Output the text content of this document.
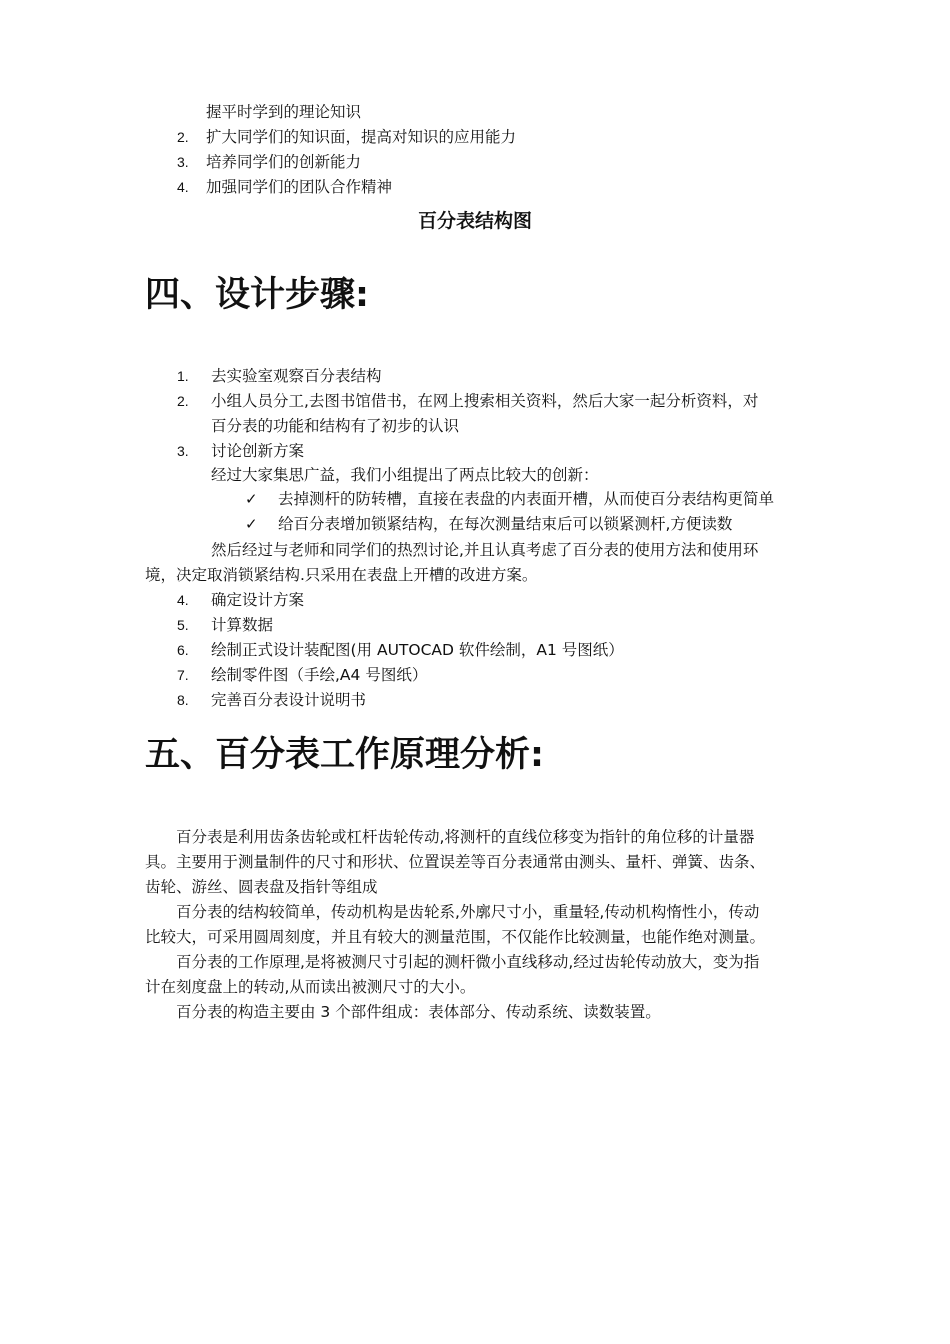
握平时学到的理论知识
2. 扩大同学们的知识面，提高对知识的应用能力
3. 培养同学们的创新能力
4. 加强同学们的团队合作精神
百分表结构图
四、设计步骤:
1. 去实验室观察百分表结构
2. 小组人员分工,去图书馆借书，在网上搜索相关资料，然后大家一起分析资料，对
百分表的功能和结构有了初步的认识
3. 讨论创新方案
经过大家集思广益，我们小组提出了两点比较大的创新：
✓ 去掉测杆的防转槽，直接在表盘的内表面开槽，从而使百分表结构更简单
✓ 给百分表增加锁紧结构，在每次测量结束后可以锁紧测杆,方便读数
然后经过与老师和同学们的热烈讨论,并且认真考虑了百分表的使用方法和使用环
境，决定取消锁紧结构.只采用在表盘上开槽的改进方案。
4. 确定设计方案
5. 计算数据
6. 绘制正式设计装配图(用 AUTOCAD 软件绘制，A1 号图纸）
7. 绘制零件图（手绘,A4 号图纸）
8. 完善百分表设计说明书
五、百分表工作原理分析:
　　百分表是利用齿条齿轮或杠杆齿轮传动,将测杆的直线位移变为指针的角位移的计量器
具。主要用于测量制件的尺寸和形状、位置误差等百分表通常由测头、量杆、弹簧、齿条、
齿轮、游丝、圆表盘及指针等组成
　　百分表的结构较简单，传动机构是齿轮系,外廓尺寸小，重量轻,传动机构惰性小，传动
比较大，可采用圆周刻度，并且有较大的测量范围，不仅能作比较测量，也能作绝对测量。
　　百分表的工作原理,是将被测尺寸引起的测杆微小直线移动,经过齿轮传动放大，变为指
计在刻度盘上的转动,从而读出被测尺寸的大小。
　　百分表的构造主要由 3 个部件组成：表体部分、传动系统、读数装置。
